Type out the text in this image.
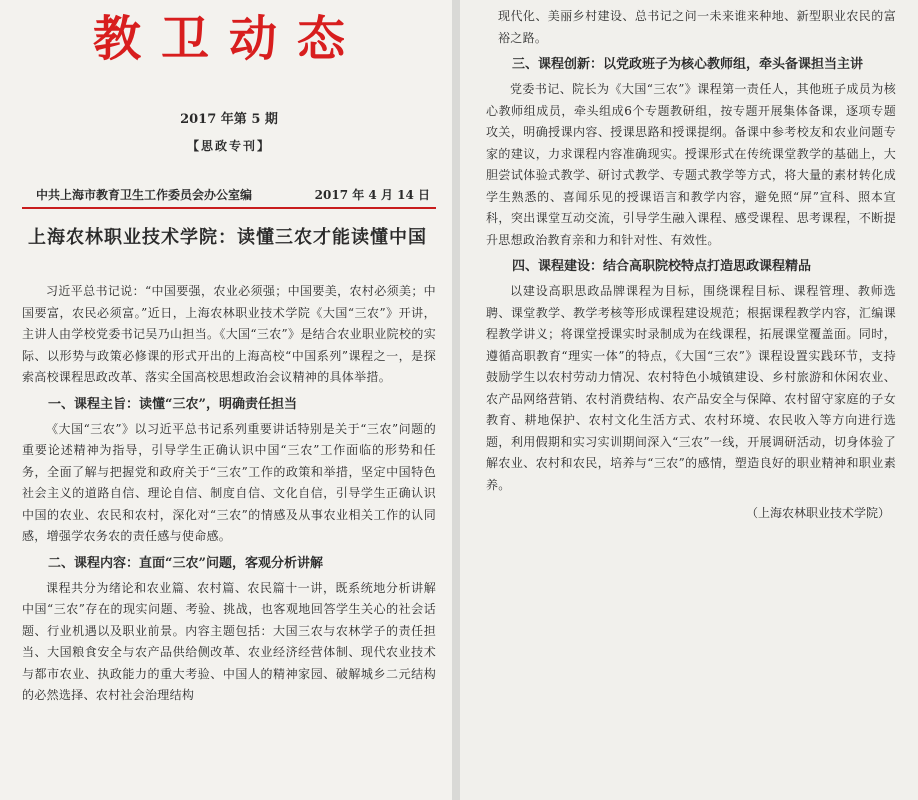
教卫动态
2017 年第 5 期
【思政专刊】
中共上海市教育卫生工作委员会办公室编	2017 年 4 月 14 日
上海农林职业技术学院：读懂三农才能读懂中国

习近平总书记说：“中国要强，农业必须强；中国要美，农村必须美；中国要富，农民必须富。”近日，上海农林职业技术学院《大国“三农”》开讲，主讲人由学校党委书记吴乃山担当。《大国“三农”》是结合农业职业院校的实际、以形势与政策必修课的形式开出的上海高校“中国系列”课程之一，是探索高校课程思政改革、落实全国高校思想政治会议精神的具体举措。

一、课程主旨：读懂“三农”，明确责任担当

《大国“三农”》以习近平总书记系列重要讲话特别是关于“三农”问题的重要论述精神为指导，引导学生正确认识中国“三农”工作面临的形势和任务，全面了解与把握党和政府关于“三农”工作的政策和举措，坚定中国特色社会主义的道路自信、理论自信、制度自信、文化自信，引导学生正确认识中国的农业、农民和农村，深化对“三农”的情感及从事农业相关工作的认同感，增强学农务农的责任感与使命感。

二、课程内容：直面“三农”问题，客观分析讲解

课程共分为绪论和农业篇、农村篇、农民篇十一讲，既系统地分析讲解中国“三农”存在的现实问题、考验、挑战，也客观地回答学生关心的社会话题、行业机遇以及职业前景。内容主题包括：大国三农与农林学子的责任担当、大国粮食安全与农产品供给侧改革、农业经济经营体制、现代农业技术与都市农业、执政能力的重大考验、中国人的精神家园、破解城乡二元结构的必然选择、农村社会治理结构

现代化、美丽乡村建设、总书记之问一未来谁来种地、新型职业农民的富裕之路。

三、课程创新：以党政班子为核心教师组，牵头备课担当主讲

党委书记、院长为《大国“三农”》课程第一责任人，其他班子成员为核心教师组成员，牵头组成6个专题教研组，按专题开展集体备课，逐项专题攻关，明确授课内容、授课思路和授课提纲。备课中参考校友和农业问题专家的建议，力求课程内容准确现实。授课形式在传统课堂教学的基础上，大胆尝试体验式教学、研讨式教学、专题式教学等方式，将大量的素材转化成学生熟悉的、喜闻乐见的授课语言和教学内容，避免照“屏”宣科、照本宣科，突出课堂互动交流，引导学生融入课程、感受课程、思考课程，不断提升思想政治教育亲和力和针对性、有效性。

四、课程建设：结合高职院校特点打造思政课程精品

以建设高职思政品牌课程为目标，围绕课程目标、课程管理、教师选聘、课堂教学、教学考核等形成课程建设规范；根据课程教学内容，汇编课程教学讲义；将课堂授课实时录制成为在线课程，拓展课堂覆盖面。同时，遵循高职教育“理实一体”的特点，《大国“三农”》课程设置实践环节，支持鼓励学生以农村劳动力情况、农村特色小城镇建设、乡村旅游和休闲农业、农产品网络营销、农村消费结构、农产品安全与保障、农村留守家庭的子女教育、耕地保护、农村文化生活方式、农村环境、农民收入等方向进行选题，利用假期和实习实训期间深入“三农”一线，开展调研活动，切身体验了解农业、农村和农民，培养与“三农”的感情，塑造良好的职业精神和职业素养。

（上海农林职业技术学院）
